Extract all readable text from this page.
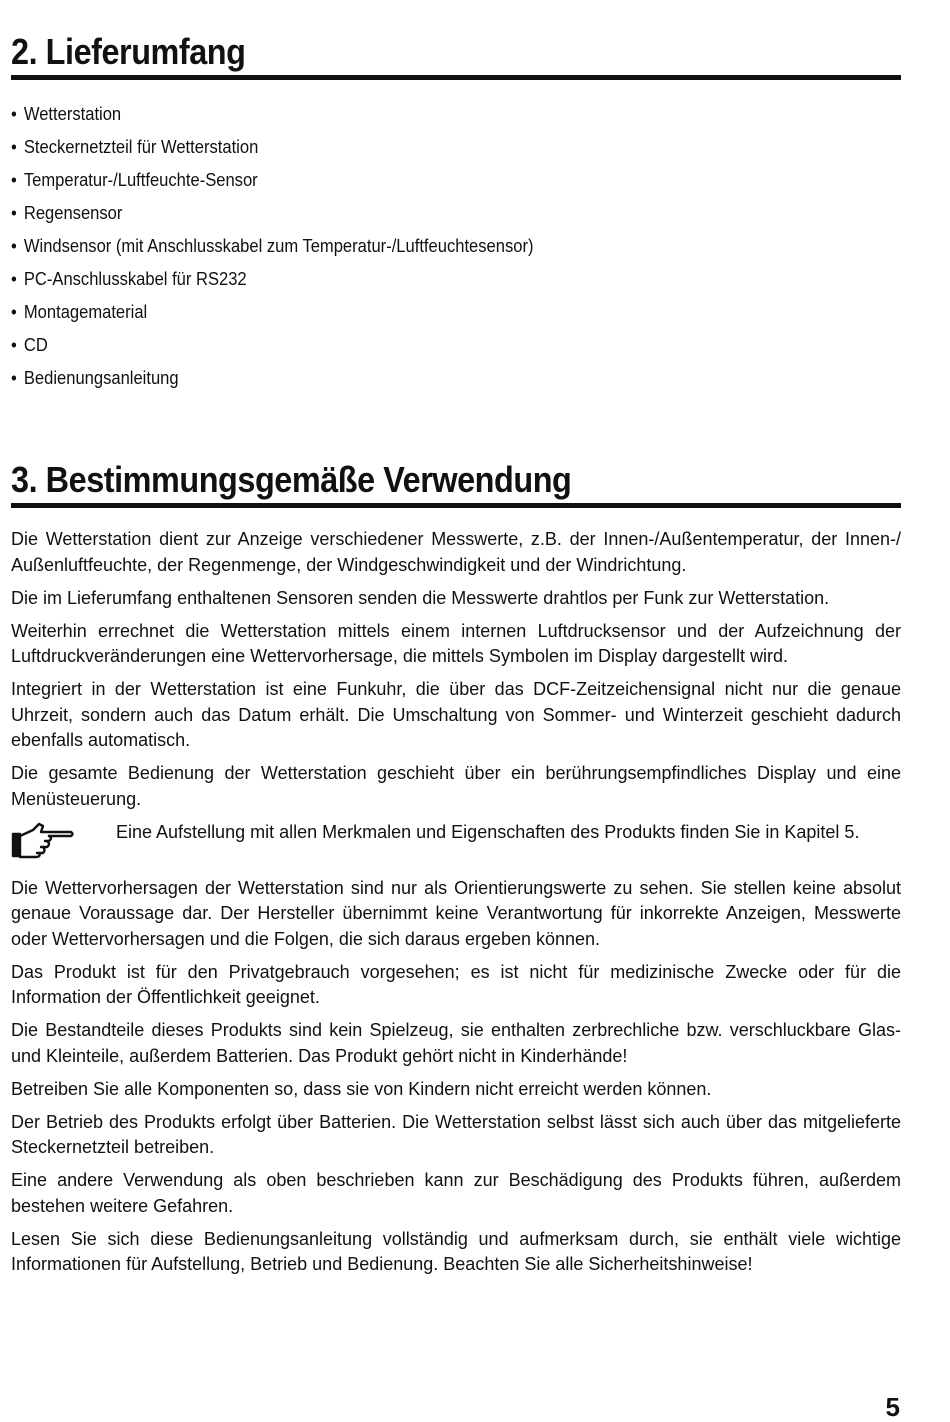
2. Lieferumfang
• Wetterstation
• Steckernetzteil für Wetterstation
• Temperatur-/Luftfeuchte-Sensor
• Regensensor
• Windsensor (mit Anschlusskabel zum Temperatur-/Luftfeuchtesensor)
• PC-Anschlusskabel für RS232
• Montagematerial
• CD
• Bedienungsanleitung
3. Bestimmungsgemäße Verwendung

Die Wetterstation dient zur Anzeige verschiedener Messwerte, z.B. der Innen-/Außentemperatur, der Innen-/ Außenluftfeuchte, der Regenmenge, der Windgeschwindigkeit und der Windrichtung.

Die im Lieferumfang enthaltenen Sensoren senden die Messwerte drahtlos per Funk zur Wetterstation.

Weiterhin errechnet die Wetterstation mittels einem internen Luftdrucksensor und der Aufzeichnung der Luftdruckveränderungen eine Wettervorhersage, die mittels Symbolen im Display dargestellt wird.

Integriert in der Wetterstation ist eine Funkuhr, die über das DCF-Zeitzeichensignal nicht nur die genaue Uhrzeit, sondern auch das Datum erhält. Die Umschaltung von Sommer- und Winterzeit geschieht dadurch ebenfalls automatisch.

Die gesamte Bedienung der Wetterstation geschieht über ein berührungsempfindliches Display und eine Menüsteuerung.

Eine Aufstellung mit allen Merkmalen und Eigenschaften des Produkts finden Sie in Kapitel 5.

Die Wettervorhersagen der Wetterstation sind nur als Orientierungswerte zu sehen. Sie stellen keine absolut genaue Voraussage dar. Der Hersteller übernimmt keine Verantwortung für inkorrekte Anzeigen, Messwerte oder Wettervorhersagen und die Folgen, die sich daraus ergeben können.

Das Produkt ist für den Privatgebrauch vorgesehen; es ist nicht für medizinische Zwecke oder für die Information der Öffentlichkeit geeignet.

Die Bestandteile dieses Produkts sind kein Spielzeug, sie enthalten zerbrechliche bzw. verschluckbare Glas- und Kleinteile, außerdem Batterien. Das Produkt gehört nicht in Kinderhände!

Betreiben Sie alle Komponenten so, dass sie von Kindern nicht erreicht werden können.

Der Betrieb des Produkts erfolgt über Batterien. Die Wetterstation selbst lässt sich auch über das mitgelieferte Steckernetzteil betreiben.

Eine andere Verwendung als oben beschrieben kann zur Beschädigung des Produkts führen, außerdem bestehen weitere Gefahren.

Lesen Sie sich diese Bedienungsanleitung vollständig und aufmerksam durch, sie enthält viele wichtige Informationen für Aufstellung, Betrieb und Bedienung. Beachten Sie alle Sicherheitshinweise!

5
